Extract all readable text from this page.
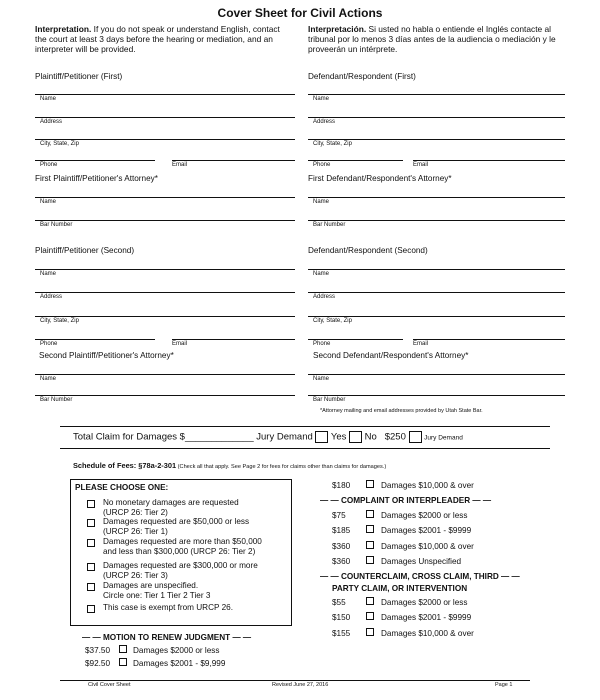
Cover Sheet for Civil Actions
Interpretation. If you do not speak or understand English, contact the court at least 3 days before the hearing or mediation, and an interpreter will be provided.
Interpretación. Si usted no habla o entiende el Inglés contacte al tribunal por lo menos 3 días antes de la audiencia o mediación y le proveerán un intérprete.
Plaintiff/Petitioner (First)
Name
Address
City, State, Zip
Phone	Email
First Plaintiff/Petitioner's Attorney*
Name
Bar Number
Plaintiff/Petitioner (Second)
Name
Address
City, State, Zip
Phone	Email
Second Plaintiff/Petitioner's Attorney*
Name
Bar Number
Defendant/Respondent (First)
Name
Address
City, State, Zip
Phone	Email
First Defendant/Respondent's Attorney*
Name
Bar Number
Defendant/Respondent (Second)
Name
Address
City, State, Zip
Phone	Email
Second Defendant/Respondent's Attorney*
Name
Bar Number
*Attorney mailing and email addresses provided by Utah State Bar.
Total Claim for Damages $_____________ Jury Demand Yes No $250	Jury Demand
Schedule of Fees: §78a-2-301 (Check all that apply. See Page 2 for fees for claims other than claims for damages.)
PLEASE CHOOSE ONE:
No monetary damages are requested
(URCP 26: Tier 2)
Damages requested are $50,000 or less
(URCP 26: Tier 1)
Damages requested are more than $50,000
and less than $300,000 (URCP 26: Tier 2)
Damages requested are $300,000 or more
(URCP 26: Tier 3)
Damages are unspecified.
Circle one: Tier 1 Tier 2 Tier 3
This case is exempt from URCP 26.
— — MOTION TO RENEW JUDGMENT — —
$37.50	Damages $2000 or less
$92.50	Damages $2001 - $9,999
$180	Damages $10,000 & over
— — COMPLAINT OR INTERPLEADER — —
$75	Damages $2000 or less
$185	Damages $2001 - $9999
$360	Damages $10,000 & over
$360	Damages Unspecified
— — COUNTERCLAIM, CROSS CLAIM, THIRD — —
PARTY CLAIM, OR INTERVENTION
$55	Damages $2000 or less
$150	Damages $2001 - $9999
$155	Damages $10,000 & over
Civil Cover Sheet	Revised June 27, 2016	Page 1
